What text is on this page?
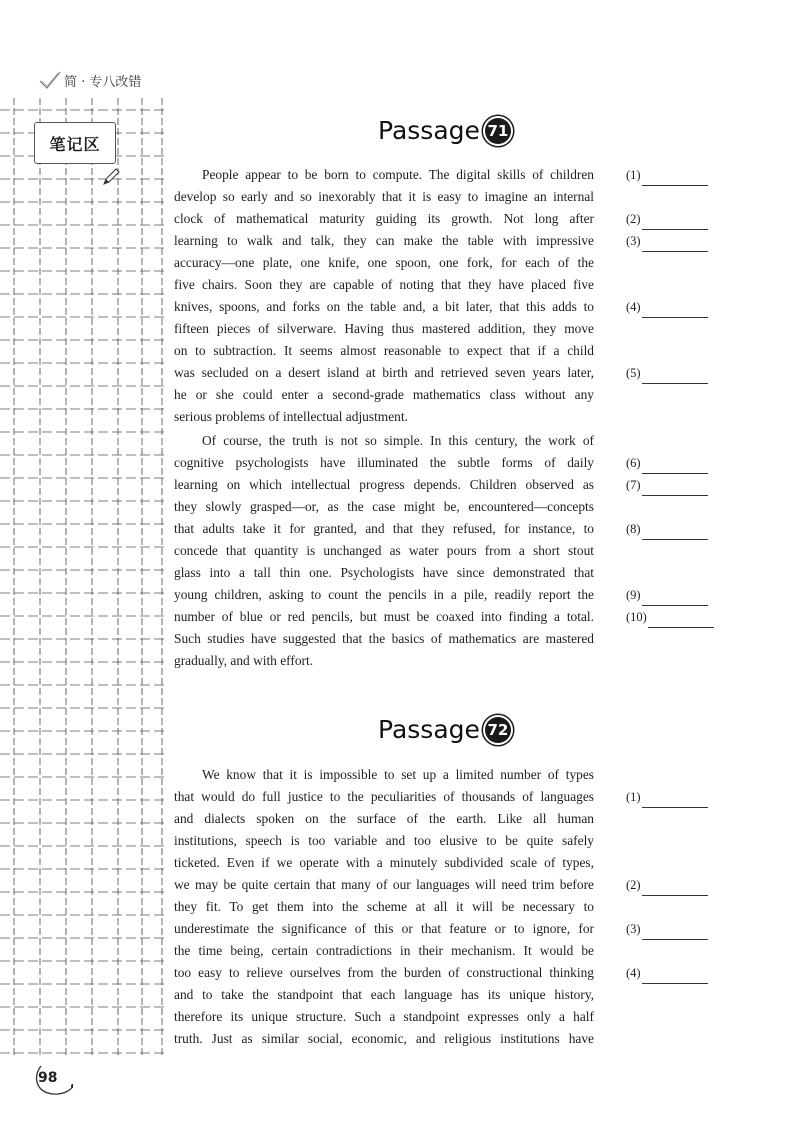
简 · 专八改错
笔记区	Passage 71
People appear to be born to compute. The digital skills of children
develop so early and so inexorably that it is easy to imagine an internal
clock of mathematical maturity guiding its growth. Not long after
learning to walk and talk, they can make the table with impressive
accuracy—one plate, one knife, one spoon, one fork, for each of the
five chairs. Soon they are capable of noting that they have placed five
knives, spoons, and forks on the table and, a bit later, that this adds to
fifteen pieces of silverware. Having thus mastered addition, they move
on to subtraction. It seems almost reasonable to expect that if a child
was secluded on a desert island at birth and retrieved seven years later,
he or she could enter a second-grade mathematics class without any
serious problems of intellectual adjustment.
Of course, the truth is not so simple. In this century, the work of
cognitive psychologists have illuminated the subtle forms of daily
learning on which intellectual progress depends. Children observed as
they slowly grasped—or, as the case might be, encountered—concepts
that adults take it for granted, and that they refused, for instance, to
concede that quantity is unchanged as water pours from a short stout
glass into a tall thin one. Psychologists have since demonstrated that
young children, asking to count the pencils in a pile, readily report the
number of blue or red pencils, but must be coaxed into finding a total.
Such studies have suggested that the basics of mathematics are mastered
gradually, and with effort.
(1)
(2)
(3)
(4)
(5)
(6)
(7)
(8)
(9)
(10)
Passage 72
We know that it is impossible to set up a limited number of types
that would do full justice to the peculiarities of thousands of languages
and dialects spoken on the surface of the earth. Like all human
institutions, speech is too variable and too elusive to be quite safely
ticketed. Even if we operate with a minutely subdivided scale of types,
we may be quite certain that many of our languages will need trim before
they fit. To get them into the scheme at all it will be necessary to
underestimate the significance of this or that feature or to ignore, for
the time being, certain contradictions in their mechanism. It would be
too easy to relieve ourselves from the burden of constructional thinking
and to take the standpoint that each language has its unique history,
therefore its unique structure. Such a standpoint expresses only a half
truth. Just as similar social, economic, and religious institutions have
(1)
(2)
(3)
(4)
98
